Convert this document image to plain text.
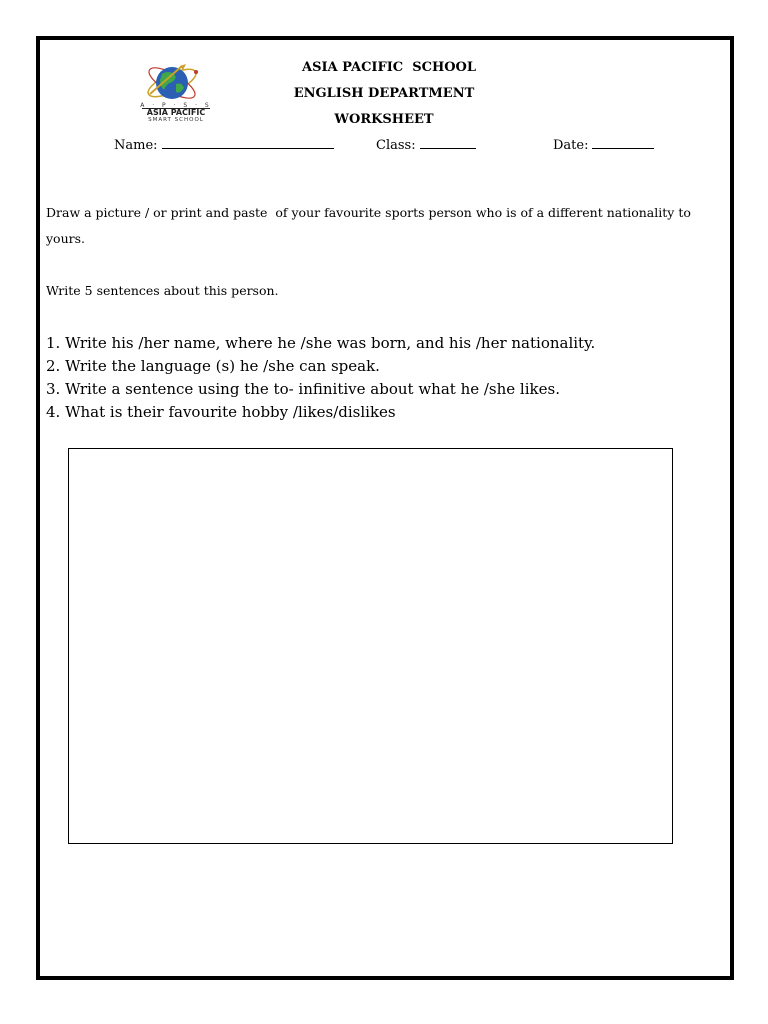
A · P · S · S
ASIA PACIFIC
SMART SCHOOL
ASIA PACIFIC  SCHOOL
ENGLISH DEPARTMENT
WORKSHEET
Name:	Class:	Date:
Draw a picture / or print and paste  of your favourite sports person who is of a different nationality to yours.
Write 5 sentences about this person.
1. Write his /her name, where he /she was born, and his /her nationality.
2. Write the language (s) he /she can speak.
3. Write a sentence using the to- infinitive about what he /she likes.
4. What is their favourite hobby /likes/dislikes
